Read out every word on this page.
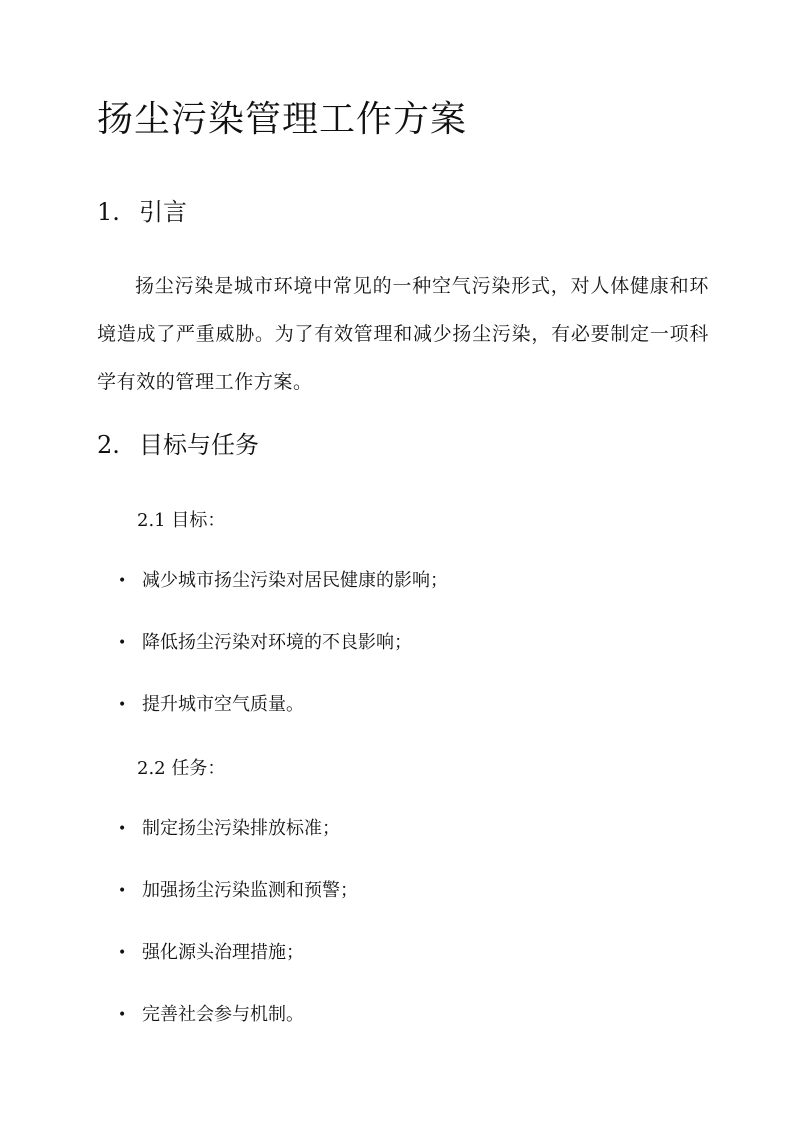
扬尘污染管理工作方案
1. 引言
扬尘污染是城市环境中常见的一种空气污染形式，对人体健康和环境造成了严重威胁。为了有效管理和减少扬尘污染，有必要制定一项科学有效的管理工作方案。
2. 目标与任务
2.1 目标：
• 减少城市扬尘污染对居民健康的影响；
• 降低扬尘污染对环境的不良影响；
• 提升城市空气质量。
2.2 任务：
• 制定扬尘污染排放标准；
• 加强扬尘污染监测和预警；
• 强化源头治理措施；
• 完善社会参与机制。
